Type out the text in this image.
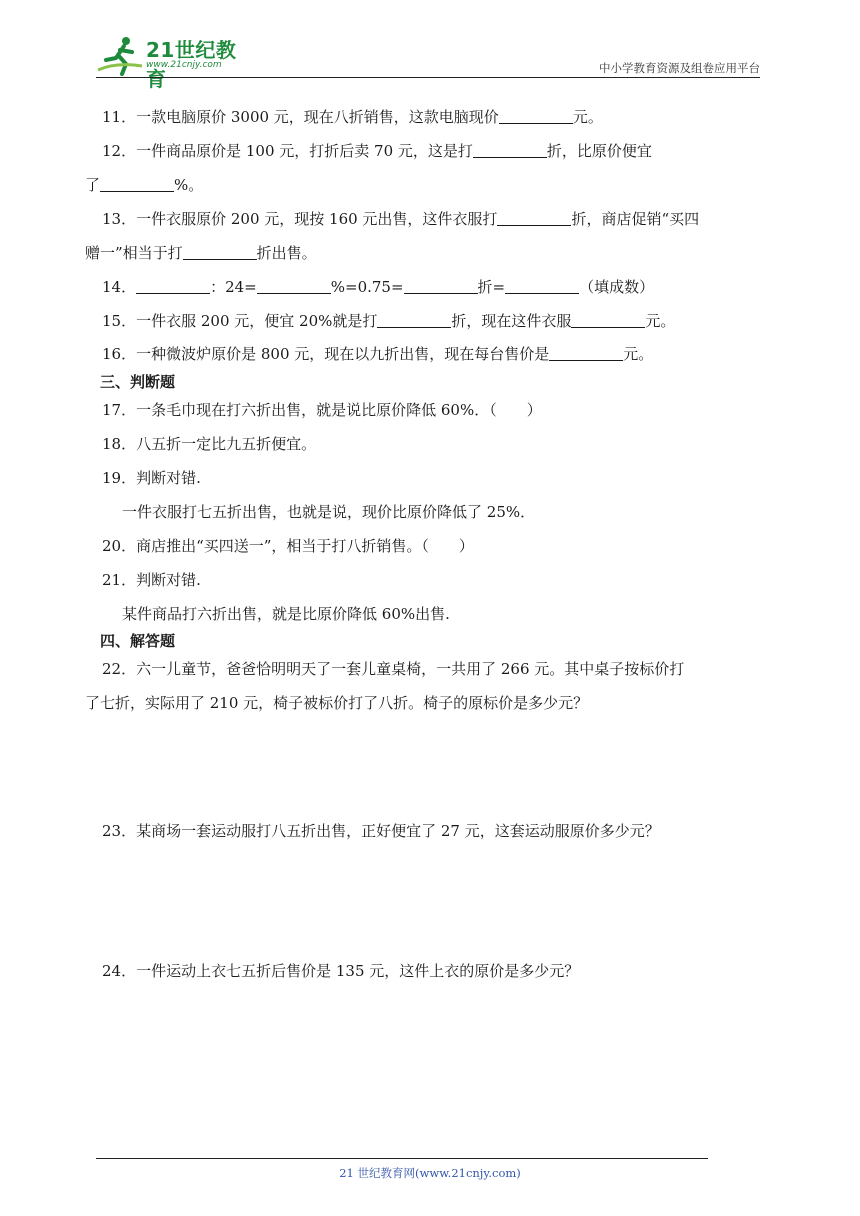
21世纪教育
www.21cnjy.com	中小学教育资源及组卷应用平台
11．一款电脑原价 3000 元，现在八折销售，这款电脑现价	元。
12．一件商品原价是 100 元，打折后卖 70 元，这是打	折，比原价便宜
了	%。
13．一件衣服原价 200 元，现按 160 元出售，这件衣服打	折，商店促销“买四
赠一”相当于打	折出售。
14．	：24=	%=0.75=	折=	（填成数）
15．一件衣服 200 元，便宜 20%就是打	折，现在这件衣服	元。
16．一种微波炉原价是 800 元，现在以九折出售，现在每台售价是	元。
三、判断题
17．一条毛巾现在打六折出售，就是说比原价降低 60%．（　　）
18．八五折一定比九五折便宜。
19．判断对错.
一件衣服打七五折出售，也就是说，现价比原价降低了 25%．
20．商店推出“买四送一”，相当于打八折销售。（　　）
21．判断对错.
某件商品打六折出售，就是比原价降低 60%出售.
四、解答题
22．六一儿童节，爸爸恰明明天了一套儿童桌椅，一共用了 266 元。其中桌子按标价打
了七折，实际用了 210 元，椅子被标价打了八折。椅子的原标价是多少元？
23．某商场一套运动服打八五折出售，正好便宜了 27 元，这套运动服原价多少元？
24．一件运动上衣七五折后售价是 135 元，这件上衣的原价是多少元？
21 世纪教育网(www.21cnjy.com)
